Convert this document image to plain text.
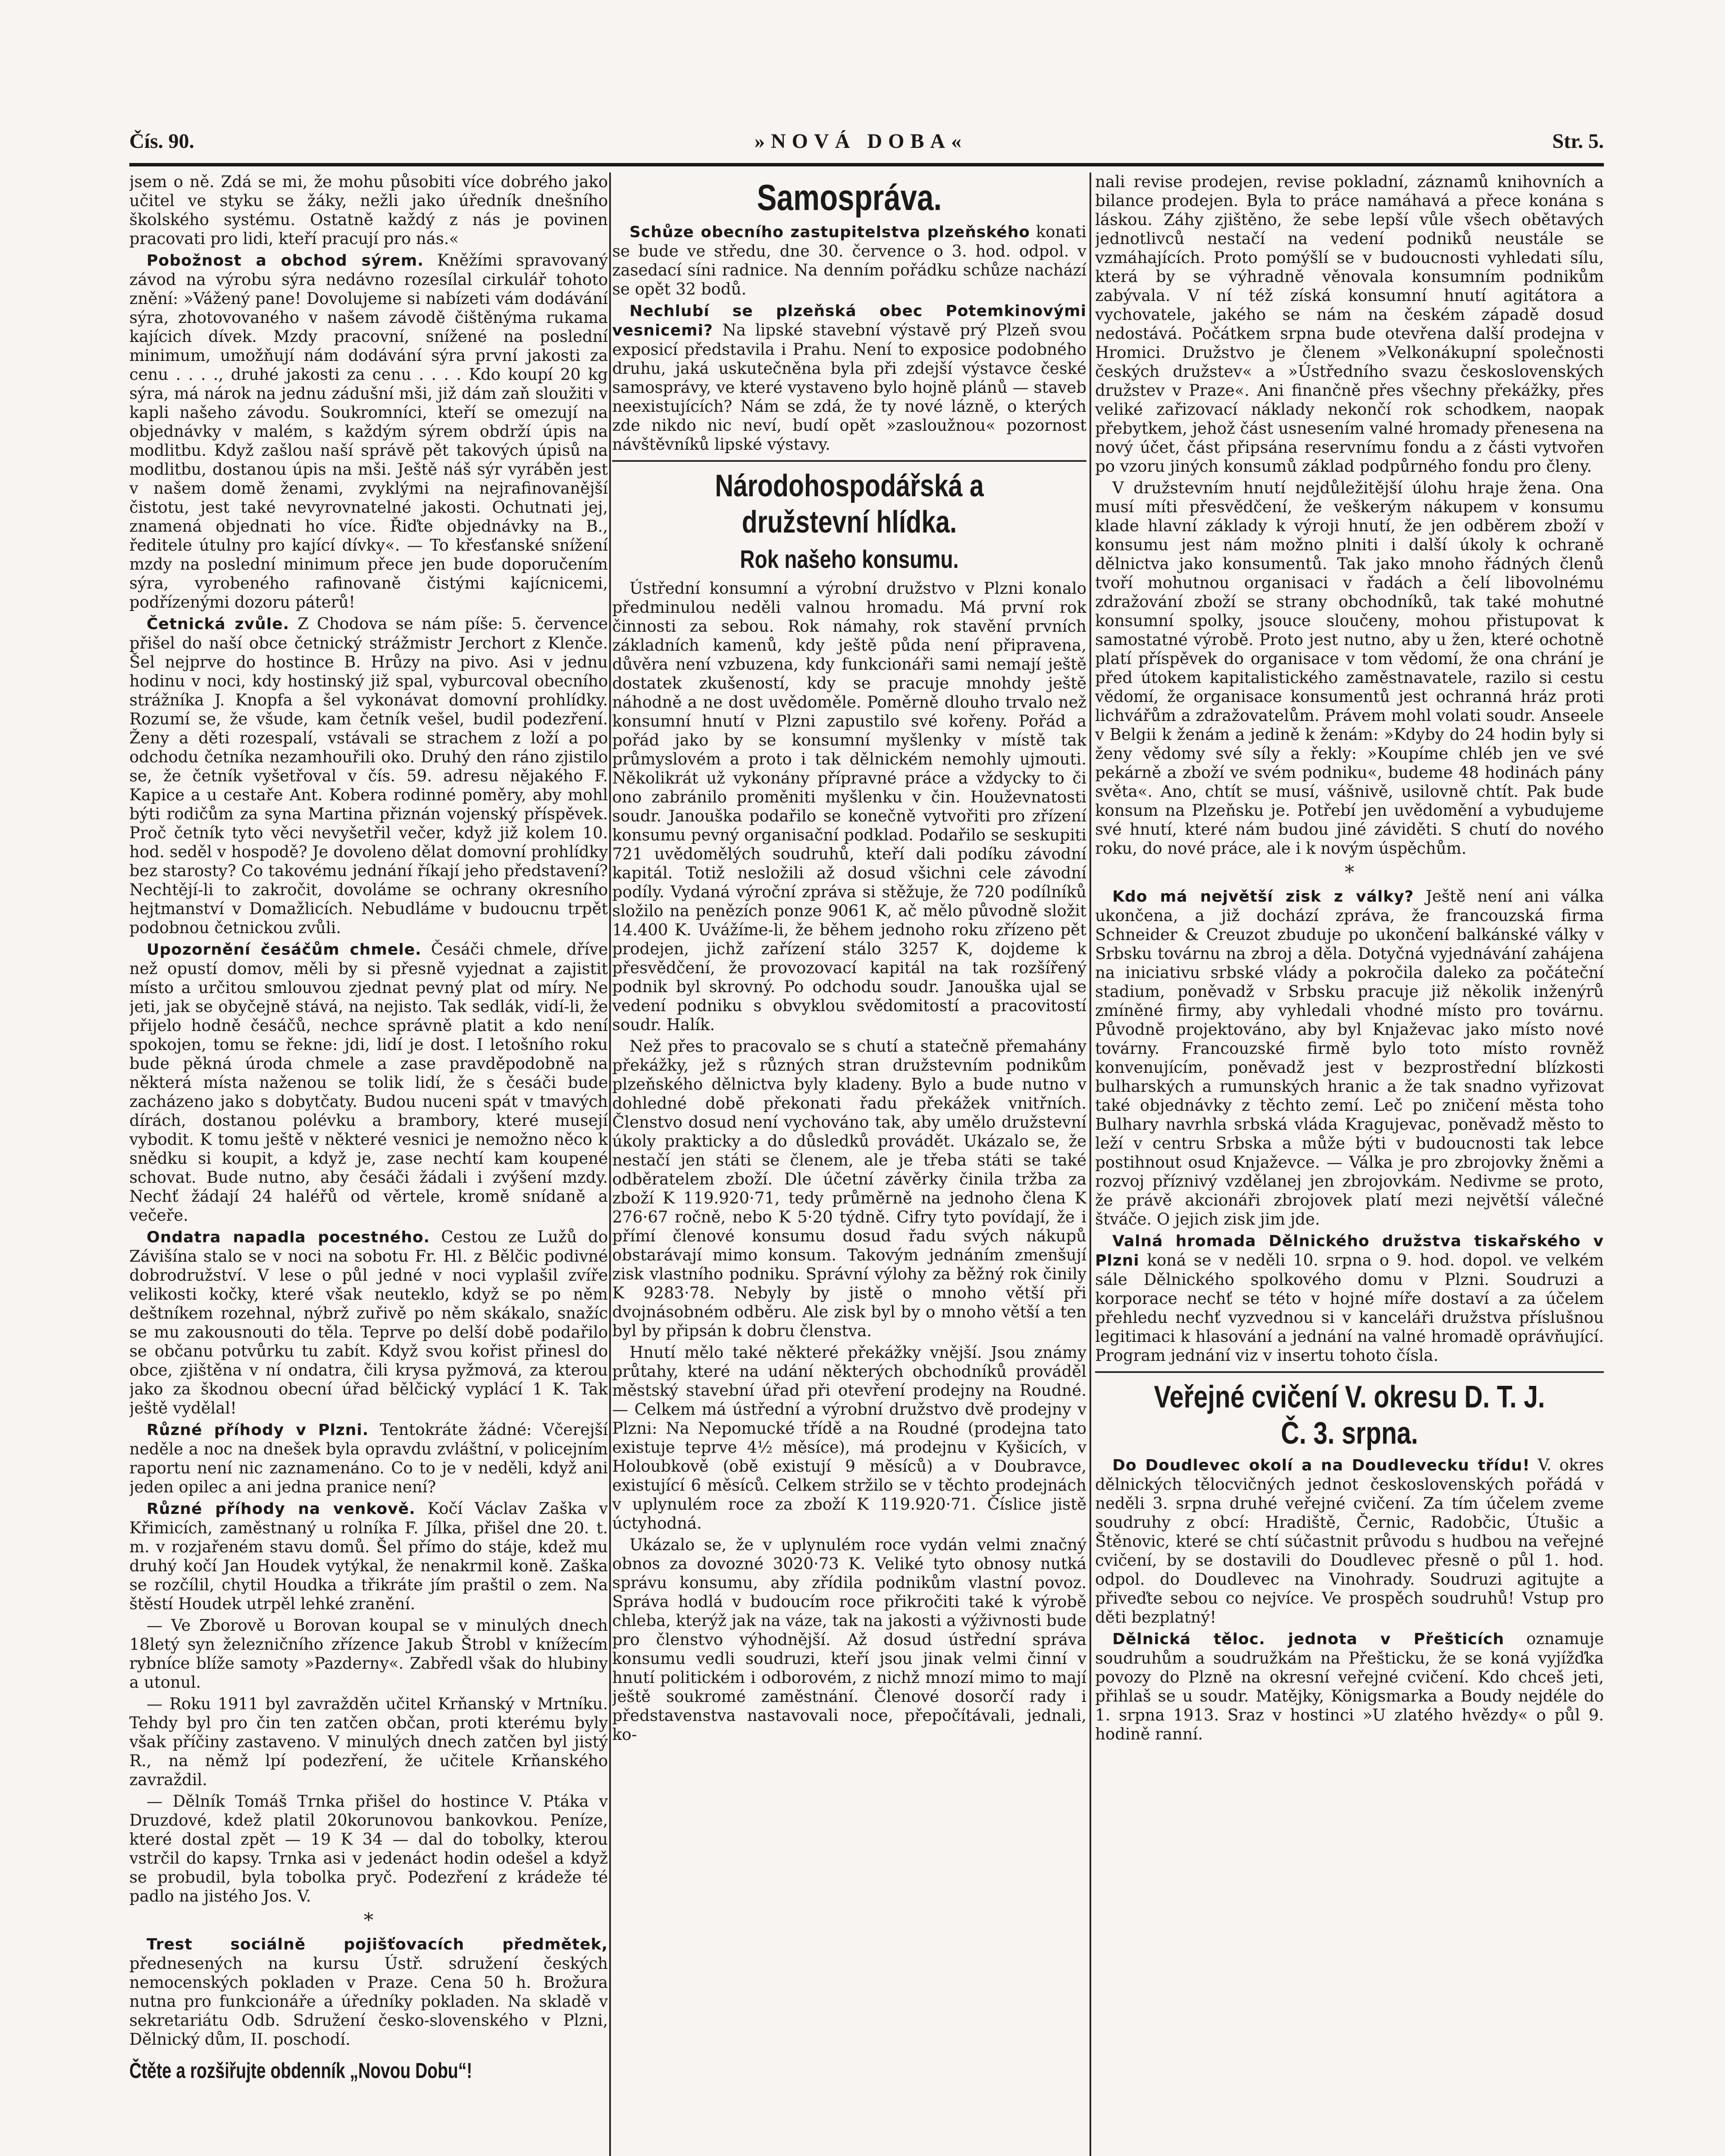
Čís. 90.	»NOVÁ DOBA«	Str. 5.

jsem o ně. Zdá se mi, že mohu působiti více dobrého jako učitel ve styku se žáky, nežli jako úředník dnešního školského systému. Ostatně každý z nás je povinen pracovati pro lidi, kteří pracují pro nás.«

Pobožnost a obchod sýrem. Kněžími spravovaný závod na výrobu sýra nedávno rozesílal cirkulář tohoto znění: »Vážený pane! Dovolujeme si nabízeti vám dodávání sýra, zhotovovaného v našem závodě čištěnýma rukama kajícich dívek. Mzdy pracovní, snížené na poslední minimum, umožňují nám dodávání sýra první jakosti za cenu . . . ., druhé jakosti za cenu . . . . Kdo koupí 20 kg sýra, má nárok na jednu zádušní mši, již dám zaň sloužiti v kapli našeho závodu. Soukromníci, kteří se omezují na objednávky v malém, s každým sýrem obdrží úpis na modlitbu. Když zašlou naší správě pět takových úpisů na modlitbu, dostanou úpis na mši. Ještě náš sýr vyráběn jest v našem domě ženami, zvyklými na nejrafinovanější čistotu, jest také nevyrovnatelné jakosti. Ochutnati jej, znamená objednati ho více. Řiďte objednávky na B., ředitele útulny pro kající dívky«. — To křesťanské snížení mzdy na poslední minimum přece jen bude doporučením sýra, vyrobeného rafinovaně čistými kajícnicemi, podřízenými dozoru páterů!

Četnická zvůle. Z Chodova se nám píše: 5. července přišel do naší obce četnický strážmistr Jerchort z Klenče. Šel nejprve do hostince B. Hrůzy na pivo. Asi v jednu hodinu v noci, kdy hostinský již spal, vyburcoval obecního strážníka J. Knopfa a šel vykonávat domovní prohlídky. Rozumí se, že všude, kam četník vešel, budil podezření. Ženy a děti rozespalí, vstávali se strachem z loží a po odchodu četníka nezamhouřili oko. Druhý den ráno zjistilo se, že četník vyšetřoval v čís. 59. adresu nějakého F. Kapice a u cestaře Ant. Kobera rodinné poměry, aby mohl býti rodičům za syna Martina přiznán vojenský příspěvek. Proč četník tyto věci nevyšetřil večer, když již kolem 10. hod. seděl v hospodě? Je dovoleno dělat domovní prohlídky bez starosty? Co takovému jednání říkají jeho představení? Nechtějí-li to zakročit, dovoláme se ochrany okresního hejtmanství v Domažlicích. Nebudláme v budoucnu trpět podobnou četnickou zvůli.

Upozornění česáčům chmele. Česáči chmele, dříve než opustí domov, měli by si přesně vyjednat a zajistit místo a určitou smlouvou zjednat pevný plat od míry. Ne jeti, jak se obyčejně stává, na nejisto. Tak sedlák, vidí-li, že přijelo hodně česáčů, nechce správně platit a kdo není spokojen, tomu se řekne: jdi, lidí je dost. I letošního roku bude pěkná úroda chmele a zase pravděpodobně na některá místa naženou se tolik lidí, že s česáči bude zacházeno jako s dobytčaty. Budou nuceni spát v tmavých dírách, dostanou polévku a brambory, které musejí vybodit. K tomu ještě v některé vesnici je nemožno něco k snědku si koupit, a když je, zase nechtí kam koupené schovat. Bude nutno, aby česáči žádali i zvýšení mzdy. Nechť žádají 24 haléřů od věrtele, kromě snídaně a večeře.

Ondatra napadla pocestného. Cestou ze Lužů do Závišína stalo se v noci na sobotu Fr. Hl. z Bělčic podivné dobrodružství. V lese o půl jedné v noci vyplašil zvíře velikosti kočky, které však neuteklo, když se po něm deštníkem rozehnal, nýbrž zuřivě po něm skákalo, snažíc se mu zakousnouti do těla. Teprve po delší době podařilo se občanu potvůrku tu zabít. Když svou kořist přinesl do obce, zjištěna v ní ondatra, čili krysa pyžmová, za kterou jako za škodnou obecní úřad bělčický vyplácí 1 K. Tak ještě vydělal!

Různé příhody v Plzni. Tentokráte žádné: Včerejší neděle a noc na dnešek byla opravdu zvláštní, v policejním raportu není nic zaznamenáno. Co to je v neděli, když ani jeden opilec a ani jedna pranice není?

Různé příhody na venkově. Kočí Václav Zaška v Křimicích, zaměstnaný u rolníka F. Jílka, přišel dne 20. t. m. v rozjařeném stavu domů. Šel přímo do stáje, kdež mu druhý kočí Jan Houdek vytýkal, že nenakrmil koně. Zaška se rozčílil, chytil Houdka a třikráte jím praštil o zem. Na štěstí Houdek utrpěl lehké zranění.

— Ve Zborově u Borovan koupal se v minulých dnech 18letý syn železničního zřízence Jakub Štrobl v knížecím rybníce blíže samoty »Pazderny«. Zabředl však do hlubiny a utonul.

— Roku 1911 byl zavražděn učitel Krňanský v Mrtníku. Tehdy byl pro čin ten zatčen občan, proti kterému byly však příčiny zastaveno. V minulých dnech zatčen byl jistý R., na němž lpí podezření, že učitele Krňanského zavraždil.

— Dělník Tomáš Trnka přišel do hostince V. Ptáka v Druzdové, kdež platil 20korunovou bankovkou. Peníze, které dostal zpět — 19 K 34 — dal do tobolky, kterou vstrčil do kapsy. Trnka asi v jedenáct hodin odešel a když se probudil, byla tobolka pryč. Podezření z krádeže té padlo na jistého Jos. V.

*

Trest sociálně pojišťovacích předmětek, přednesených na kursu Ústř. sdružení českých nemocenských pokladen v Praze. Cena 50 h. Brožura nutna pro funkcionáře a úředníky pokladen. Na skladě v sekretariátu Odb. Sdružení česko-slovenského v Plzni, Dělnický dům, II. poschodí.

Čtěte a rozšiřujte obdenník „Novou Dobu“!
Samospráva.

Schůze obecního zastupitelstva plzeňského konati se bude ve středu, dne 30. července o 3. hod. odpol. v zasedací síni radnice. Na denním pořádku schůze nachází se opět 32 bodů.

Nechlubí se plzeňská obec Potemkinovými vesnicemi? Na lipské stavební výstavě prý Plzeň svou exposicí představila i Prahu. Není to exposice podobného druhu, jaká uskutečněna byla při zdejší výstavce české samosprávy, ve které vystaveno bylo hojně plánů — staveb neexistujících? Nám se zdá, že ty nové lázně, o kterých zde nikdo nic neví, budí opět »zasloužnou« pozornost návštěvníků lipské výstavy.

Národohospodářská a družstevní hlídka.
Rok našeho konsumu.

Ústřední konsumní a výrobní družstvo v Plzni konalo předminulou neděli valnou hromadu. Má první rok činnosti za sebou. Rok námahy, rok stavění prvních základních kamenů, kdy ještě půda není připravena, důvěra není vzbuzena, kdy funkcionáři sami nemají ještě dostatek zkušeností, kdy se pracuje mnohdy ještě náhodně a ne dost uvědoměle. Poměrně dlouho trvalo než konsumní hnutí v Plzni zapustilo své kořeny. Pořád a pořád jako by se konsumní myšlenky v místě tak průmyslovém a proto i tak dělnickém nemohly ujmouti. Několikrát už vykonány přípravné práce a vždycky to či ono zabránilo proměniti myšlenku v čin. Houževnatosti soudr. Janouška podařilo se konečně vytvořiti pro zřízení konsumu pevný organisační podklad. Podařilo se seskupiti 721 uvědomělých soudruhů, kteří dali podíku závodní kapitál. Totiž nesložili až dosud všichni cele závodní podíly. Vydaná výroční zpráva si stěžuje, že 720 podílníků složilo na penězích ponze 9061 K, ač mělo původně složit 14.400 K. Uvážíme-li, že během jednoho roku zřízeno pět prodejen, jichž zařízení stálo 3257 K, dojdeme k přesvědčení, že provozovací kapitál na tak rozšířený podnik byl skrovný. Po odchodu soudr. Janouška ujal se vedení podniku s obvyklou svědomitostí a pracovitostí soudr. Halík.

Než přes to pracovalo se s chutí a statečně přemahány překážky, jež s různých stran družstevním podnikům plzeňského dělnictva byly kladeny. Bylo a bude nutno v dohledné době překonati řadu překážek vnitřních. Členstvo dosud není vychováno tak, aby umělo družstevní úkoly prakticky a do důsledků provádět. Ukázalo se, že nestačí jen státi se členem, ale je třeba státi se také odběratelem zboží. Dle účetní závěrky činila tržba za zboží K 119.920·71, tedy průměrně na jednoho člena K 276·67 ročně, nebo K 5·20 týdně. Cifry tyto povídají, že i přímí členové konsumu dosud řadu svých nákupů obstarávají mimo konsum. Takovým jednáním zmenšují zisk vlastního podniku. Správní výlohy za běžný rok činily K 9283·78. Nebyly by jistě o mnoho větší při dvojnásobném odběru. Ale zisk byl by o mnoho větší a ten byl by připsán k dobru členstva.

Hnutí mělo také některé překážky vnější. Jsou známy průtahy, které na udání některých obchodníků prováděl městský stavební úřad při otevření prodejny na Roudné. — Celkem má ústřední a výrobní družstvo dvě prodejny v Plzni: Na Nepomucké třídě a na Roudné (prodejna tato existuje teprve 4½ měsíce), má prodejnu v Kyšicích, v Holoubkově (obě existují 9 měsíců) a v Doubravce, existující 6 měsíců. Celkem stržilo se v těchto prodejnách v uplynulém roce za zboží K 119.920·71. Číslice jistě úctyhodná.

Ukázalo se, že v uplynulém roce vydán velmi značný obnos za dovozné 3020·73 K. Veliké tyto obnosy nutká správu konsumu, aby zřídila podnikům vlastní povoz. Správa hodlá v budoucím roce přikročiti také k výrobě chleba, kterýž jak na váze, tak na jakosti a výživnosti bude pro členstvo výhodnější. Až dosud ústřední správa konsumu vedli soudruzi, kteří jsou jinak velmi činní v hnutí politickém i odborovém, z nichž mnozí mimo to mají ještě soukromé zaměstnání. Členové dosorčí rady i představenstva nastavovali noce, přepočítávali, jednali, ko-

nali revise prodejen, revise pokladní, záznamů knihovních a bilance prodejen. Byla to práce namáhavá a přece konána s láskou. Záhy zjištěno, že sebe lepší vůle všech obětavých jednotlivců nestačí na vedení podniků neustále se vzmáhajících. Proto pomýšlí se v budoucnosti vyhledati sílu, která by se výhradně věnovala konsumním podnikům zabývala. V ní též získá konsumní hnutí agitátora a vychovatele, jakého se nám na českém západě dosud nedostává. Počátkem srpna bude otevřena další prodejna v Hromici. Družstvo je členem »Velkonákupní společnosti českých družstev« a »Ústředního svazu československých družstev v Praze«. Ani finančně přes všechny překážky, přes veliké zařizovací náklady nekončí rok schodkem, naopak přebytkem, jehož část usnesením valné hromady přenesena na nový účet, část připsána reservnímu fondu a z části vytvořen po vzoru jiných konsumů základ podpůrného fondu pro členy.

V družstevním hnutí nejdůležitější úlohu hraje žena. Ona musí míti přesvědčení, že veškerým nákupem v konsumu klade hlavní základy k výroji hnutí, že jen odběrem zboží v konsumu jest nám možno plniti i další úkoly k ochraně dělnictva jako konsumentů. Tak jako mnoho řádných členů tvoří mohutnou organisaci v řadách a čelí libovolnému zdražování zboží se strany obchodníků, tak také mohutné konsumní spolky, jsouce sloučeny, mohou přistupovat k samostatné výrobě. Proto jest nutno, aby u žen, které ochotně platí příspěvek do organisace v tom vědomí, že ona chrání je před útokem kapitalistického zaměstnavatele, razilo si cestu vědomí, že organisace konsumentů jest ochranná hráz proti lichvářům a zdražovatelům. Právem mohl volati soudr. Anseele v Belgii k ženám a jedině k ženám: »Kdyby do 24 hodin byly si ženy vědomy své síly a řekly: »Koupíme chléb jen ve své pekárně a zboží ve svém podniku«, budeme 48 hodinách pány světa«. Ano, chtít se musí, vášnivě, usilovně chtít. Pak bude konsum na Plzeňsku je. Potřebí jen uvědomění a vybudujeme své hnutí, které nám budou jiné záviděti. S chutí do nového roku, do nové práce, ale i k novým úspěchům.

*

Kdo má největší zisk z války? Ještě není ani válka ukončena, a již dochází zpráva, že francouzská firma Schneider & Creuzot zbuduje po ukončení balkánské války v Srbsku továrnu na zbroj a děla. Dotyčná vyjednávání zahájena na iniciativu srbské vlády a pokročila daleko za počáteční stadium, poněvadž v Srbsku pracuje již několik inženýrů zmíněné firmy, aby vyhledali vhodné místo pro továrnu. Původně projektováno, aby byl Knjaževac jako místo nové továrny. Francouzské firmě bylo toto místo rovněž konvenujícím, poněvadž jest v bezprostřední blízkosti bulharských a rumunských hranic a že tak snadno vyřizovat také objednávky z těchto zemí. Leč po zničení města toho Bulhary navrhla srbská vláda Kragujevac, poněvadž město to leží v centru Srbska a může býti v budoucnosti tak lebce postihnout osud Knjaževce. — Válka je pro zbrojovky žněmi a rozvoj příznivý vzdělanej jen zbrojovkám. Nedivme se proto, že právě akcionáři zbrojovek platí mezi největší válečné štváče. O jejich zisk jim jde.

Valná hromada Dělnického družstva tiskařského v Plzni koná se v neděli 10. srpna o 9. hod. dopol. ve velkém sále Dělnického spolkového domu v Plzni. Soudruzi a korporace nechť se této v hojné míře dostaví a za účelem přehledu nechť vyzvednou si v kanceláři družstva příslušnou legitimaci k hlasování a jednání na valné hromadě oprávňující. Program jednání viz v insertu tohoto čísla.

Veřejné cvičení V. okresu D. T. J. Č. 3. srpna.

Do Doudlevec okolí a na Doudlevecku třídu! V. okres dělnických tělocvičných jednot československých pořádá v neděli 3. srpna druhé veřejné cvičení. Za tím účelem zveme soudruhy z obcí: Hradiště, Černic, Radobčic, Útušic a Štěnovic, které se chtí súčastnit průvodu s hudbou na veřejné cvičení, by se dostavili do Doudlevec přesně o půl 1. hod. odpol. do Doudlevec na Vinohrady. Soudruzi agitujte a přiveďte sebou co nejvíce. Ve prospěch soudruhů! Vstup pro děti bezplatný!

Dělnická těloc. jednota v Přešticích oznamuje soudruhům a soudružkám na Přešticku, že se koná vyjížďka povozy do Plzně na okresní veřejné cvičení. Kdo chceš jeti, přihlaš se u soudr. Matějky, Königsmarka a Boudy nejdéle do 1. srpna 1913. Sraz v hostinci »U zlatého hvězdy« o půl 9. hodině ranní.
